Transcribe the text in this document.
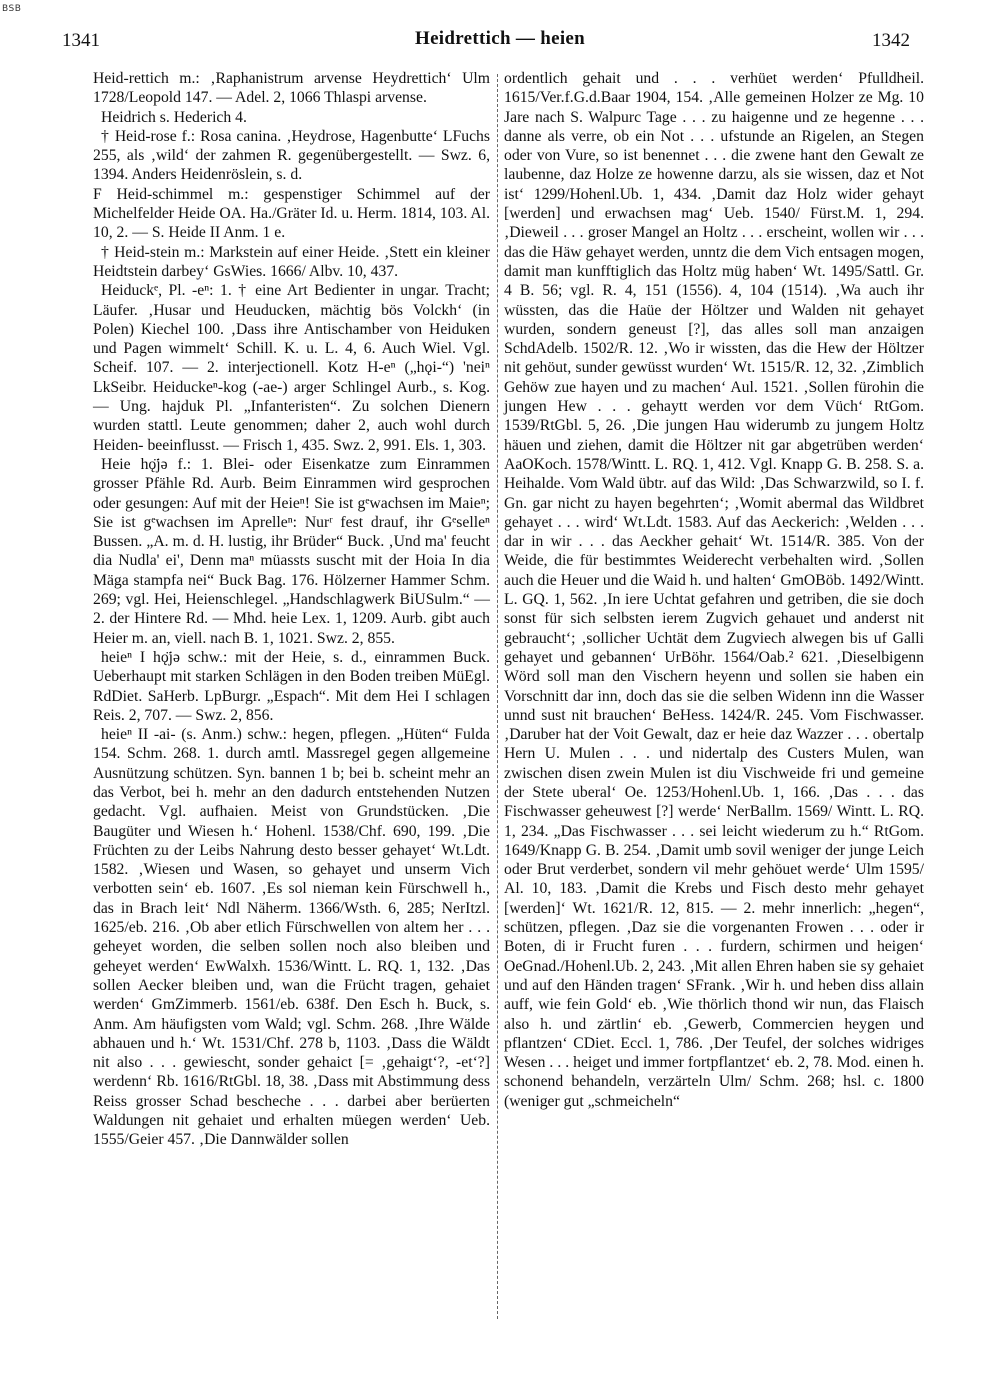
BSB
1341	Heidrettich — heien	1342

Heid-rettich m.: ‚Raphanistrum arvense Heydrettich‘ Ulm 1728/Leopold 147. — Adel. 2, 1066 Thlaspi arvense.

Heidrich s. Hederich 4.

† Heid-rose f.: Rosa canina. ‚Heydrose, Hagenbutte‘ LFuchs 255, als ‚wild‘ der zahmen R. gegenübergestellt. — Swz. 6, 1394. Anders Heidenröslein, s. d.

F Heid-schimmel m.: gespenstiger Schimmel auf der Michelfelder Heide OA. Ha./Gräter Id. u. Herm. 1814, 103. Al. 10, 2. — S. Heide II Anm. 1 e.

† Heid-stein m.: Markstein auf einer Heide. ‚Stett ein kleiner Heidtstein darbey‘ GsWies. 1666/ Albv. 10, 437.

Heiduckᵉ, Pl. -eⁿ: 1. † eine Art Bedienter in ungar. Tracht; Läufer. ‚Husar und Heuducken, mächtig bös Volckh‘ (in Polen) Kiechel 100. ‚Dass ihre Antischamber von Heiduken und Pagen wimmelt‘ Schill. K. u. L. 4, 6. Auch Wiel. Vgl. Scheif. 107. — 2. interjectionell. Kotz H-eⁿ („hǫi-“) 'neiⁿ LkSeibr. Heiduckeⁿ-kog (-ae-) arger Schlingel Aurb., s. Kog. — Ung. hajduk Pl. „Infanteristen“. Zu solchen Dienern wurden stattl. Leute genommen; daher 2, auch wohl durch Heiden- beeinflusst. — Frisch 1, 435. Swz. 2, 991. Els. 1, 303.

Heie hǫ̈jə f.: 1. Blei- oder Eisenkatze zum Einrammen grosser Pfähle Rd. Aurb. Beim Einrammen wird gesprochen oder gesungen: Auf mit der Heieⁿ! Sie ist gᵉwachsen im Maieⁿ; Sie ist gᵉwachsen im Aprelleⁿ: Nurʳ fest drauf, ihr Gᵉselleⁿ Bussen. „A. m. d. H. lustig, ihr Brüder“ Buck. ‚Und ma' feucht dia Nudla' ei', Denn maⁿ müassts suscht mit der Hoia In dia Mäga stampfa nei“ Buck Bag. 176. Hölzerner Hammer Schm. 269; vgl. Hei, Heienschlegel. „Handschlagwerk BiUSulm.“ — 2. der Hintere Rd. — Mhd. heie Lex. 1, 1209. Aurb. gibt auch Heier m. an, viell. nach B. 1, 1021. Swz. 2, 855.

heieⁿ I hǫ̈jə schw.: mit der Heie, s. d., einrammen Buck. Ueberhaupt mit starken Schlägen in den Boden treiben MüEgl. RdDiet. SaHerb. LpBurgr. „Espach“. Mit dem Hei I schlagen Reis. 2, 707. — Swz. 2, 856.

heieⁿ II -ai- (s. Anm.) schw.: hegen, pflegen. „Hüten“ Fulda 154. Schm. 268. 1. durch amtl. Massregel gegen allgemeine Ausnützung schützen. Syn. bannen 1 b; bei b. scheint mehr an das Verbot, bei h. mehr an den dadurch entstehenden Nutzen gedacht. Vgl. aufhaien. Meist von Grundstücken. ‚Die Baugüter und Wiesen h.‘ Hohenl. 1538/Chf. 690, 199. ‚Die Früchten zu der Leibs Nahrung desto besser gehayet‘ Wt.Ldt. 1582. ‚Wiesen und Wasen, so gehayet und unserm Vich verbotten sein‘ eb. 1607. ‚Es sol nieman kein Fürschwell h., das in Brach leit‘ Ndl Näherm. 1366/Wsth. 6, 285; NerItzl. 1625/eb. 216. ‚Ob aber etlich Fürschwellen von altem her . . . geheyet worden, die selben sollen noch also bleiben und geheyet werden‘ EwWalxh. 1536/Wintt. L. RQ. 1, 132. ‚Das sollen Aecker bleiben und, wan die Frücht tragen, gehaiet werden‘ GmZimmerb. 1561/eb. 638f. Den Esch h. Buck, s. Anm. Am häufigsten vom Wald; vgl. Schm. 268. ‚Ihre Wälde abhauen und h.‘ Wt. 1531/Chf. 278 b, 1103. ‚Dass die Wäldt nit also . . . gewiescht, sonder gehaict [= ‚gehaigt‘?, -et‘?] werdenn‘ Rb. 1616/RtGbl. 18, 38. ‚Dass mit Abstimmung dess Reiss grosser Schad bescheche . . . darbei aber berüerten Waldungen nit gehaiet und erhalten müegen werden‘ Ueb. 1555/Geier 457. ‚Die Dannwälder sollen

ordentlich gehait und . . . verhüet werden‘ Pfulldheil. 1615/Ver.f.G.d.Baar 1904, 154. ‚Alle gemeinen Holzer ze Mg. 10 Jare nach S. Walpurc Tage . . . zu haigenne und ze hegenne . . . danne als verre, ob ein Not . . . ufstunde an Rigelen, an Stegen oder von Vure, so ist benennet . . . die zwene hant den Gewalt ze laubenne, daz Holze ze howenne darzu, als sie wissen, daz et Not ist‘ 1299/Hohenl.Ub. 1, 434. ‚Damit daz Holz wider gehayt [werden] und erwachsen mag‘ Ueb. 1540/ Fürst.M. 1, 294. ‚Dieweil . . . groser Mangel an Holtz . . . erscheint, wollen wir . . . das die Häw gehayet werden, unntz die dem Vich entsagen mogen, damit man kunfftiglich das Holtz müg haben‘ Wt. 1495/Sattl. Gr. 4 B. 56; vgl. R. 4, 151 (1556). 4, 104 (1514). ‚Wa auch ihr wüssten, das die Haüe der Höltzer und Walden nit gehayet wurden, sondern geneust [?], das alles soll man anzaigen SchdAdelb. 1502/R. 12. ‚Wo ir wissten, das die Hew der Höltzer nit gehöut, sunder gewüsst wurden‘ Wt. 1515/R. 12, 32. ‚Zimblich Gehöw zue hayen und zu machen‘ Aul. 1521. ‚Sollen fürohin die jungen Hew . . . gehaytt werden vor dem Vüch‘ RtGom. 1539/RtGbl. 5, 26. ‚Die jungen Hau widerumb zu jungem Holtz häuen und ziehen, damit die Höltzer nit gar abgetrüben werden‘ AaOKoch. 1578/Wintt. L. RQ. 1, 412. Vgl. Knapp G. B. 258. S. a. Heihalde. Vom Wald übtr. auf das Wild: ‚Das Schwarzwild, so I. f. Gn. gar nicht zu hayen begehrten‘; ‚Womit abermal das Wildbret gehayet . . . wird‘ Wt.Ldt. 1583. Auf das Aeckerich: ‚Welden . . . dar in wir . . . das Aeckher gehait‘ Wt. 1514/R. 385. Von der Weide, die für bestimmtes Weiderecht verbehalten wird. ‚Sollen auch die Heuer und die Waid h. und halten‘ GmOBöb. 1492/Wintt. L. GQ. 1, 562. ‚In iere Uchtat gefahren und getriben, die sie doch sonst für sich selbsten ierem Zugvich gehauet und anderst nit gebraucht‘; ‚sollicher Uchtät dem Zugviech alwegen bis uf Galli gehayet und gebannen‘ UrBöhr. 1564/Oab.² 621. ‚Dieselbigenn Wörd soll man den Vischern heyenn und sollen sie haben ein Vorschnitt dar inn, doch das sie die selben Widenn inn die Wasser unnd sust nit brauchen‘ BeHess. 1424/R. 245. Vom Fischwasser. ‚Daruber hat der Voit Gewalt, daz er heie daz Wazzer . . . obertalp Hern U. Mulen . . . und nidertalp des Custers Mulen, wan zwischen disen zwein Mulen ist diu Vischweide fri und gemeine der Stete uberal‘ Oe. 1253/Hohenl.Ub. 1, 166. ‚Das . . . das Fischwasser geheuwest [?] werde‘ NerBallm. 1569/ Wintt. L. RQ. 1, 234. „Das Fischwasser . . . sei leicht wiederum zu h.“ RtGom. 1649/Knapp G. B. 254. ‚Damit umb sovil weniger der junge Leich oder Brut verderbet, sondern vil mehr gehöuet werde‘ Ulm 1595/ Al. 10, 183. ‚Damit die Krebs und Fisch desto mehr gehayet [werden]‘ Wt. 1621/R. 12, 815. — 2. mehr innerlich: „hegen“, schützen, pflegen. ‚Daz sie die vorgenanten Frowen . . . oder ir Boten, di ir Frucht furen . . . furdern, schirmen und heigen‘ OeGnad./Hohenl.Ub. 2, 243. ‚Mit allen Ehren haben sie sy gehaiet und auf den Händen tragen‘ SFrank. ‚Wir h. und heben diss allain auff, wie fein Gold‘ eb. ‚Wie thörlich thond wir nun, das Flaisch also h. und zärtlin‘ eb. ‚Gewerb, Commercien heygen und pflantzen‘ CDiet. Eccl. 1, 786. ‚Der Teufel, der solches widriges Wesen . . . heiget und immer fortpflantzet‘ eb. 2, 78. Mod. einen h. schonend behandeln, verzärteln Ulm/ Schm. 268; hsl. c. 1800 (weniger gut „schmeicheln“
